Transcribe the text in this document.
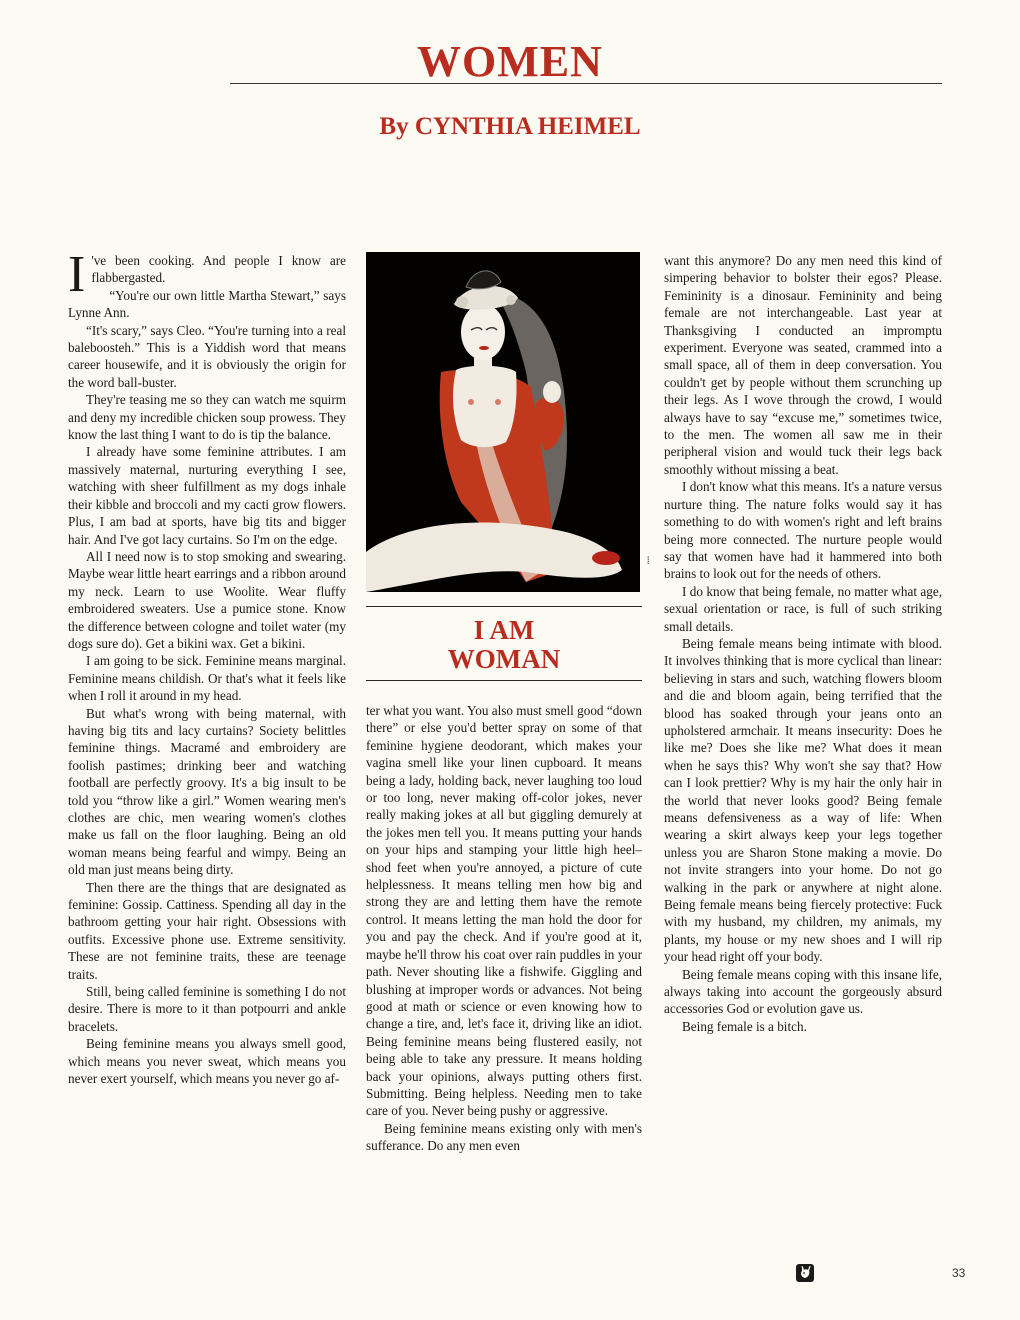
WOMEN
By CYNTHIA HEIMEL

I 've been cooking. And people I know are flabbergasted.

“You're our own little Martha Stewart,” says Lynne Ann.

“It's scary,” says Cleo. “You're turning into a real baleboosteh.” This is a Yiddish word that means career housewife, and it is obviously the origin for the word ball-buster.

They're teasing me so they can watch me squirm and deny my incredible chicken soup prowess. They know the last thing I want to do is tip the balance.

I already have some feminine attributes. I am massively maternal, nurturing everything I see, watching with sheer fulfillment as my dogs inhale their kibble and broccoli and my cacti grow flowers. Plus, I am bad at sports, have big tits and bigger hair. And I've got lacy curtains. So I'm on the edge.

All I need now is to stop smoking and swearing. Maybe wear little heart earrings and a ribbon around my neck. Learn to use Woolite. Wear fluffy embroidered sweaters. Use a pumice stone. Know the difference between cologne and toilet water (my dogs sure do). Get a bikini wax. Get a bikini.

I am going to be sick. Feminine means marginal. Feminine means childish. Or that's what it feels like when I roll it around in my head.

But what's wrong with being maternal, with having big tits and lacy curtains? Society belittles feminine things. Macramé and embroidery are foolish pastimes; drinking beer and watching football are perfectly groovy. It's a big insult to be told you “throw like a girl.” Women wearing men's clothes are chic, men wearing women's clothes make us fall on the floor laughing. Being an old woman means being fearful and wimpy. Being an old man just means being dirty.

Then there are the things that are designated as feminine: Gossip. Cattiness. Spending all day in the bathroom getting your hair right. Obsessions with outfits. Excessive phone use. Extreme sensitivity. These are not feminine traits, these are teenage traits.

Still, being called feminine is something I do not desire. There is more to it than potpourri and ankle bracelets.

Being feminine means you always smell good, which means you never sweat, which means you never exert yourself, which means you never go af-

••••
I AM
WOMAN

ter what you want. You also must smell good “down there” or else you'd better spray on some of that feminine hygiene deodorant, which makes your vagina smell like your linen cupboard. It means being a lady, holding back, never laughing too loud or too long, never making off-color jokes, never really making jokes at all but giggling demurely at the jokes men tell you. It means putting your hands on your hips and stamping your little high heel–shod feet when you're annoyed, a picture of cute helplessness. It means telling men how big and strong they are and letting them have the remote control. It means letting the man hold the door for you and pay the check. And if you're good at it, maybe he'll throw his coat over rain puddles in your path. Never shouting like a fishwife. Giggling and blushing at improper words or advances. Not being good at math or science or even knowing how to change a tire, and, let's face it, driving like an idiot. Being feminine means being flustered easily, not being able to take any pressure. It means holding back your opinions, always putting others first. Submitting. Being helpless. Needing men to take care of you. Never being pushy or aggressive.

Being feminine means existing only with men's sufferance. Do any men even

want this anymore? Do any men need this kind of simpering behavior to bolster their egos? Please. Femininity is a dinosaur. Femininity and being female are not interchangeable. Last year at Thanksgiving I conducted an impromptu experiment. Everyone was seated, crammed into a small space, all of them in deep conversation. You couldn't get by people without them scrunching up their legs. As I wove through the crowd, I would always have to say “excuse me,” sometimes twice, to the men. The women all saw me in their peripheral vision and would tuck their legs back smoothly without missing a beat.

I don't know what this means. It's a nature versus nurture thing. The nature folks would say it has something to do with women's right and left brains being more connected. The nurture people would say that women have had it hammered into both brains to look out for the needs of others.

I do know that being female, no matter what age, sexual orientation or race, is full of such striking small details.

Being female means being intimate with blood. It involves thinking that is more cyclical than linear: believing in stars and such, watching flowers bloom and die and bloom again, being terrified that the blood has soaked through your jeans onto an upholstered armchair. It means insecurity: Does he like me? Does she like me? What does it mean when he says this? Why won't she say that? How can I look prettier? Why is my hair the only hair in the world that never looks good? Being female means defensiveness as a way of life: When wearing a skirt always keep your legs together unless you are Sharon Stone making a movie. Do not invite strangers into your home. Do not go walking in the park or anywhere at night alone. Being female means being fiercely protective: Fuck with my husband, my children, my animals, my plants, my house or my new shoes and I will rip your head right off your body.

Being female means coping with this insane life, always taking into account the gorgeously absurd accessories God or evolution gave us.

Being female is a bitch.

33
